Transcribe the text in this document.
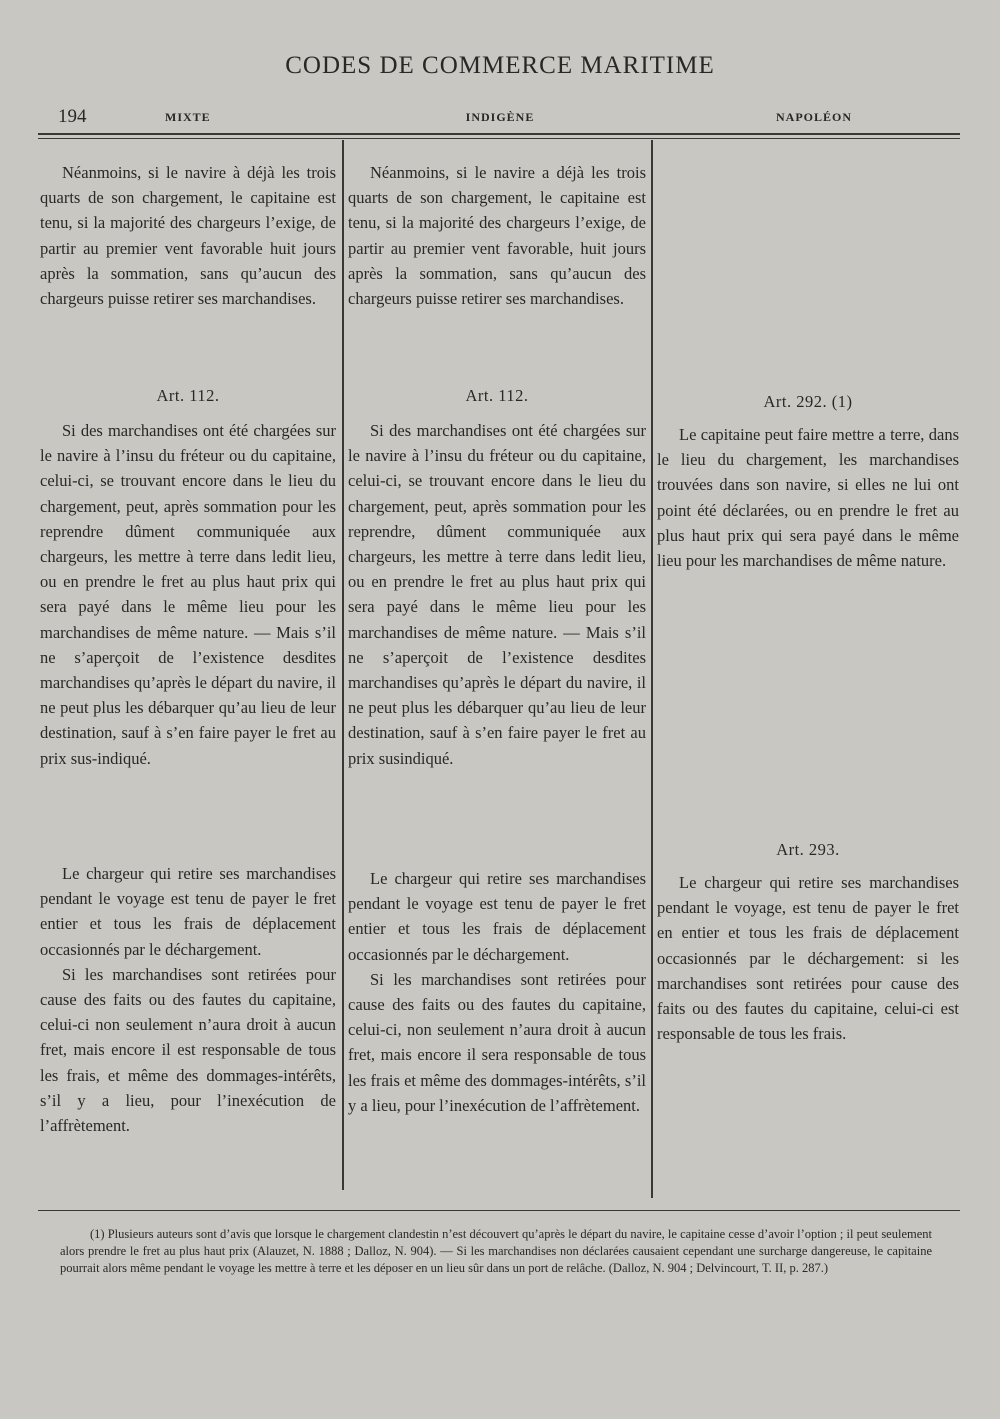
CODES DE COMMERCE MARITIME
194	MIXTE	INDIGÈNE	NAPOLÉON

Néanmoins, si le navire à déjà les trois quarts de son chargement, le capitaine est tenu, si la majorité des chargeurs l’exige, de partir au premier vent favorable huit jours après la sommation, sans qu’aucun des chargeurs puisse retirer ses marchandises.

Art. 112.

Si des marchandises ont été chargées sur le navire à l’insu du fréteur ou du capitaine, celui-ci, se trouvant encore dans le lieu du chargement, peut, après sommation pour les reprendre dûment communiquée aux chargeurs, les mettre à terre dans ledit lieu, ou en prendre le fret au plus haut prix qui sera payé dans le même lieu pour les marchandises de même nature. — Mais s’il ne s’aperçoit de l’existence desdites marchandises qu’après le départ du navire, il ne peut plus les débarquer qu’au lieu de leur destination, sauf à s’en faire payer le fret au prix sus-indiqué.

Le chargeur qui retire ses marchandises pendant le voyage est tenu de payer le fret entier et tous les frais de déplacement occasionnés par le déchargement.

Si les marchandises sont retirées pour cause des faits ou des fautes du capitaine, celui-ci non seulement n’aura droit à aucun fret, mais encore il est responsable de tous les frais, et même des dommages-intérêts, s’il y a lieu, pour l’inexécution de l’affrètement.

Néanmoins, si le navire a déjà les trois quarts de son chargement, le capitaine est tenu, si la majorité des chargeurs l’exige, de partir au premier vent favorable, huit jours après la sommation, sans qu’aucun des chargeurs puisse retirer ses marchandises.

Art. 112.

Si des marchandises ont été chargées sur le navire à l’insu du fréteur ou du capitaine, celui-ci, se trouvant encore dans le lieu du chargement, peut, après sommation pour les reprendre, dûment communiquée aux chargeurs, les mettre à terre dans ledit lieu, ou en prendre le fret au plus haut prix qui sera payé dans le même lieu pour les marchandises de même nature. — Mais s’il ne s’aperçoit de l’existence desdites marchandises qu’après le départ du navire, il ne peut plus les débarquer qu’au lieu de leur destination, sauf à s’en faire payer le fret au prix susindiqué.

Le chargeur qui retire ses marchandises pendant le voyage est tenu de payer le fret entier et tous les frais de déplacement occasionnés par le déchargement.

Si les marchandises sont retirées pour cause des faits ou des fautes du capitaine, celui-ci, non seulement n’aura droit à aucun fret, mais encore il sera responsable de tous les frais et même des dommages-intérêts, s’il y a lieu, pour l’inexécution de l’affrètement.

Art. 292. (1)

Le capitaine peut faire mettre a terre, dans le lieu du chargement, les marchandises trouvées dans son navire, si elles ne lui ont point été déclarées, ou en prendre le fret au plus haut prix qui sera payé dans le même lieu pour les marchandises de même nature.

Art. 293.

Le chargeur qui retire ses marchandises pendant le voyage, est tenu de payer le fret en entier et tous les frais de déplacement occasionnés par le déchargement: si les marchandises sont retirées pour cause des faits ou des fautes du capitaine, celui-ci est responsable de tous les frais.

(1) Plusieurs auteurs sont d’avis que lorsque le chargement clandestin n’est découvert qu’après le départ du navire, le capitaine cesse d’avoir l’option ; il peut seulement alors prendre le fret au plus haut prix (Alauzet, N. 1888 ; Dalloz, N. 904). — Si les marchandises non déclarées causaient cependant une surcharge dangereuse, le capitaine pourrait alors même pendant le voyage les mettre à terre et les déposer en un lieu sûr dans un port de relâche. (Dalloz, N. 904 ; Delvincourt, T. II, p. 287.)
